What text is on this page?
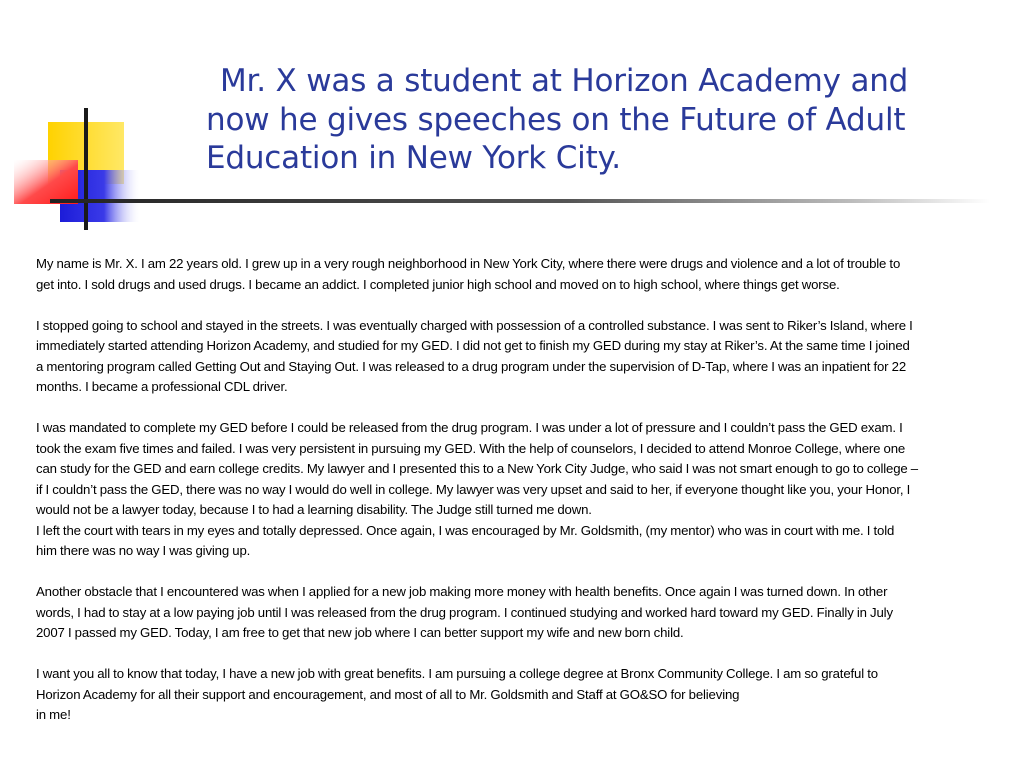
Mr. X was a student at Horizon Academy and
now he gives speeches on the Future of Adult
Education in New York City.

My name is Mr. X. I am 22 years old. I grew up in a very rough neighborhood in New York City, where there were drugs and violence and a lot of trouble to
get into. I sold drugs and used drugs. I became an addict. I completed junior high school and moved on to high school, where things get worse.

I stopped going to school and stayed in the streets. I was eventually charged with possession of a controlled substance. I was sent to Riker’s Island, where I
immediately started attending Horizon Academy, and studied for my GED. I did not get to finish my GED during my stay at Riker’s. At the same time I joined
a mentoring program called Getting Out and Staying Out. I was released to a drug program under the supervision of D-Tap, where I was an inpatient for 22
months. I became a professional CDL driver.

I was mandated to complete my GED before I could be released from the drug program. I was under a lot of pressure and I couldn’t pass the GED exam. I
took the exam five times and failed. I was very persistent in pursuing my GED. With the help of counselors, I decided to attend Monroe College, where one
can study for the GED and earn college credits. My lawyer and I presented this to a New York City Judge, who said I was not smart enough to go to college –
if I couldn’t pass the GED, there was no way I would do well in college. My lawyer was very upset and said to her, if everyone thought like you, your Honor, I
would not be a lawyer today, because I to had a learning disability. The Judge still turned me down.

I left the court with tears in my eyes and totally depressed. Once again, I was encouraged by Mr. Goldsmith, (my mentor) who was in court with me. I told
him there was no way I was giving up.

Another obstacle that I encountered was when I applied for a new job making more money with health benefits. Once again I was turned down. In other
words, I had to stay at a low paying job until I was released from the drug program. I continued studying and worked hard toward my GED. Finally in July
2007 I passed my GED. Today, I am free to get that new job where I can better support my wife and new born child.

I want you all to know that today, I have a new job with great benefits. I am pursuing a college degree at Bronx Community College. I am so grateful to
Horizon Academy for all their support and encouragement, and most of all to Mr. Goldsmith and Staff at GO&SO for believing
in me!
